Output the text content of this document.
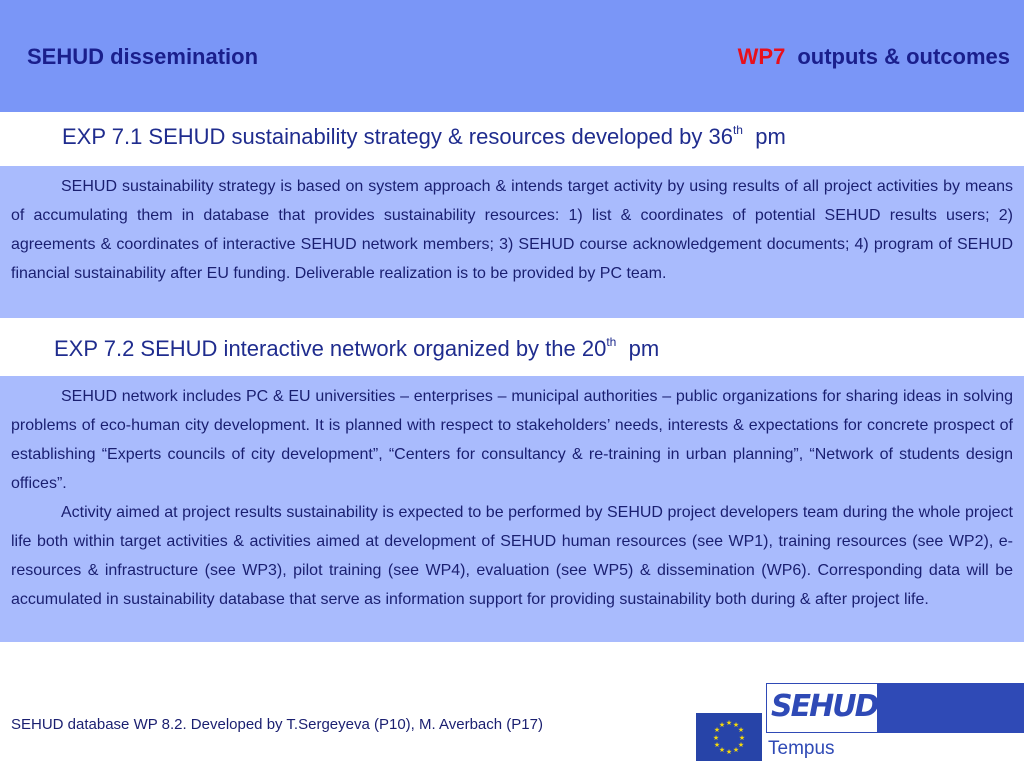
SEHUD dissemination	WP7 outputs & outcomes
EXP 7.1 SEHUD sustainability strategy & resources developed by 36th pm

SEHUD sustainability strategy is based on system approach & intends target activity by using results of all project activities by means of accumulating them in database that provides sustainability resources: 1) list & coordinates of potential SEHUD results users; 2) agreements & coordinates of interactive SEHUD network members; 3) SEHUD course acknowledgement documents; 4) program of SEHUD financial sustainability after EU funding. Deliverable realization is to be provided by PC team.

EXP 7.2 SEHUD interactive network organized by the 20th pm

SEHUD network includes PC & EU universities – enterprises – municipal authorities – public organizations for sharing ideas in solving problems of eco-human city development. It is planned with respect to stakeholders’ needs, interests & expectations for concrete prospect of establishing “Experts councils of city development”, “Centers for consultancy & re-training in urban planning”, “Network of students design offices”.

Activity aimed at project results sustainability is expected to be performed by SEHUD project developers team during the whole project life both within target activities & activities aimed at development of SEHUD human resources (see WP1), training resources (see WP2), e-resources & infrastructure (see WP3), pilot training (see WP4), evaluation (see WP5) & dissemination (WP6). Corresponding data will be accumulated in sustainability database that serve as information support for providing sustainability both during & after project life.

SEHUD database WP 8.2. Developed by T.Sergeyeva (P10), M. Averbach (P17)	★ ★
★
★
★
★
★
★
★
★
★
★
SEHUD
Tempus
